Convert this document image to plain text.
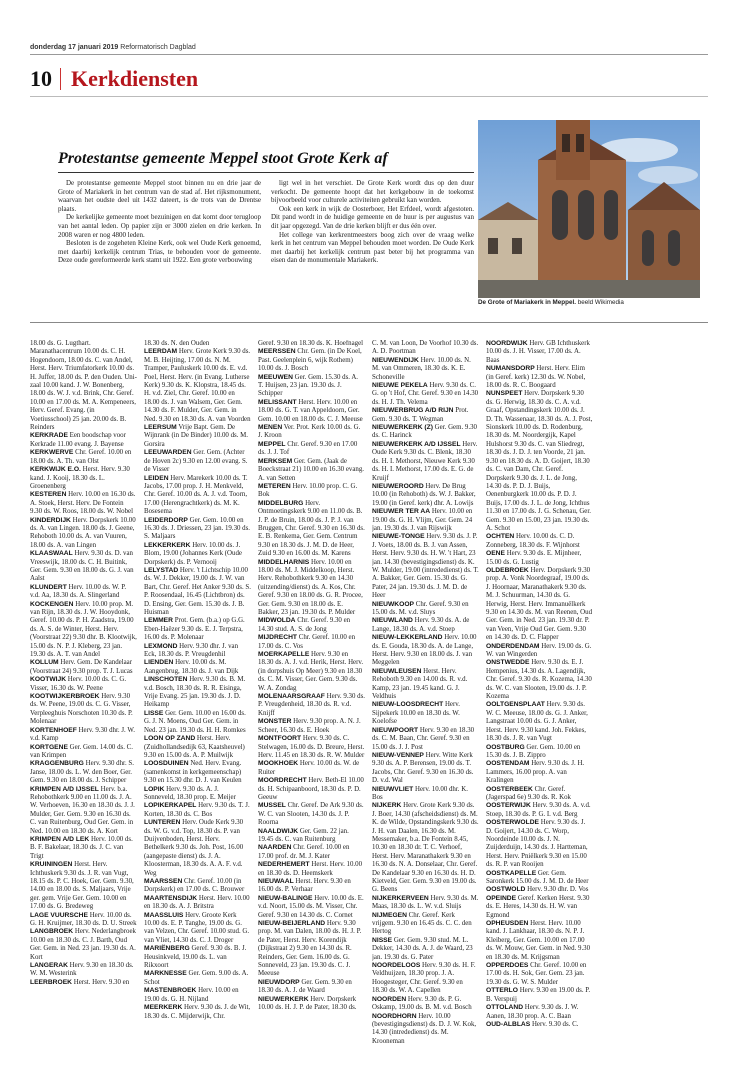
donderdag 17 januari 2019 Reformatorisch Dagblad
10 Kerkdiensten
Protestantse gemeente Meppel stoot Grote Kerk af

De protestantse gemeente Meppel stoot binnen nu en drie jaar de Grote of Mariakerk in het centrum van de stad af. Het rijksmonument, waarvan het oudste deel uit 1432 dateert, is de trots van de Drentse plaats.

De kerkelijke gemeente moet bezuinigen en dat komt door terugloop van het aantal leden. Op papier zijn er 3000 zielen en drie kerken. In 2008 waren er nog 4800 leden.

Besloten is de zogeheten Kleine Kerk, ook wel Oude Kerk genoemd, met daarbij kerkelijk centrum Trias, te behouden voor de gemeente. Deze oude gereformeerde kerk stamt uit 1922. Een grote verbouwing

ligt wel in het verschiet. De Grote Kerk wordt dus op den duur verkocht. De gemeente hoopt dat het kerkgebouw in de toekomst bijvoorbeeld voor culturele activiteiten gebruikt kan worden.

Ook een kerk in wijk de Oosterboer, Het Erfdeel, wordt afgestoten. Dit pand wordt in de huidige gemeente en de huur is per augustus van dit jaar opgezegd. Van de drie kerken blijft er dus één over.

Het college van kerkrentmeesters boog zich over de vraag welke kerk in het centrum van Meppel behouden moet worden. De Oude Kerk met daarbij het kerkelijk centrum past beter bij het programma van eisen dan de monumentale Mariakerk.

De Grote of Mariakerk in Meppel. beeld Wikimedia

18.00 ds. G. Lugthart. Maranathacentrum 10.00 ds. C. H. Hogendoorn, 18.00 ds. C. van Andel, Herst. Herv. Triumfatorkerk 10.00 ds. H. Juffer, 18.00 ds. P. den Ouden. Uni-zaal 10.00 kand. J. W. Bonenberg, 18.00 ds. W. J. v.d. Brink, Chr. Geref. 10.00 en 17.00 ds. M. A. Kempeneers, Herv. Geref. Evang. (in Voetiusschool) 25 jan. 20.00 ds. B. Reinders

KERKRADE Een boodschap voor Kerkrade 11.00 evang. J. Bayense

KERKWERVE Chr. Geref. 10.00 en 18.00 ds. A. Th. van Olst

KERKWIJK E.O. Herst. Herv. 9.30 kand. J. Kooij, 18.30 ds. L. Groenenberg

KESTEREN Herv. 10.00 en 16.30 ds. A. Stoek, Herst. Herv. De Fontein 9.30 ds. W. Roos, 18.00 ds. W. Nobel

KINDERDIJK Herv. Dorpskerk 10.00 ds. A. van Lingen. 18.00 ds. J. Geene, Rehoboth 10.00 ds. A. van Vuuren, 18.00 ds. A. van Lingen

KLAASWAAL Herv. 9.30 ds. D. van Vreeswijk, 18.00 ds. C. H. Buitink, Ger. Gem. 9.30 en 18.00 ds. G. J. van Aalst

KLUNDERT Herv. 10.00 ds. W. P. v.d. Aa, 18.30 ds. A. Slingerland

KOCKENGEN Herv. 10.00 prop. M. van Rijn, 18.30 ds. J. W. Hooydonk, Geref. 10.00 ds. P. H. Zaadstra, 19.00 ds. A. S. de Winter, Herst. Herv. (Voorstraat 22) 9.30 dhr. B. Klootwijk, 15.00 ds. N. P. J. Kleberg, 23 jan. 19.30 ds. A. T. van Andel

KOLLUM Herv. Gem. De Kandelaar (Voorstraat 24) 9.30 prop. T. J. Lucas

KOOTWIJK Herv. 10.00 ds. C. G. Visser, 16.30 ds. W. Peene

KOOTWIJKERBROEK Herv. 9.30 ds. W. Peene, 19.00 ds. C. G. Visser, Verpleeghuis Norschoten 10.30 ds. P. Molenaar

KORTENHOEF Herv. 9.30 dhr. J. W. v.d. Kamp

KORTGENE Ger. Gem. 14.00 ds. C. van Krimpen

KRAGGENBURG Herv. 9.30 dhr. S. Janse, 18.00 ds. L. W. den Boer, Ger. Gem. 9.30 en 18.00 ds. J. Schipper

KRIMPEN A/D IJSSEL Herv. b.a. Rehobothkerk 9.00 en 11.00 ds. J. A. W. Verhoeven, 16.30 en 18.30 ds. J. J. Mulder, Ger. Gem. 9.30 en 16.30 ds. C. van Ruitenburg, Oud Ger. Gem. in Ned. 10.00 en 18.30 ds. A. Kort

KRIMPEN A/D LEK Herv. 10.00 ds. B. F. Bakelaar, 18.30 ds. J. C. van Trigt

KRUININGEN Herst. Herv. Ichthuskerk 9.30 ds. J. R. van Vugt, 18.15 ds. P. C. Hoek, Ger. Gem. 9.30, 14.00 en 18.00 ds. S. Maljaars, Vrije ger. gem. Vrije Ger. Gem. 10.00 en 17.00 ds. G. Bredeweg

LAGE VUURSCHE Herv. 10.00 ds. G. H. Kruijmer, 18.30 ds. D. U. Streek

LANGBROEK Herv. Nederlangbroek 10.00 en 18.30 ds. C. J. Barth, Oud Ger. Gem. in Ned. 23 jan. 19.30 ds. A. Kort

LANGERAK Herv. 9.30 en 18.30 ds. W. M. Westerink

LEERBROEK Herst. Herv. 9.30 en

18.30 ds. N. den Ouden

LEERDAM Herv. Grote Kerk 9.30 ds. M. B. Heijting, 17.00 ds. N. M. Tramper, Pauluskerk 10.00 ds. E. v.d. Poel, Herst. Herv. (in Evang. Lutherse Kerk) 9.30 ds. K. Klopstra, 18.45 ds. H. v.d. Ziel, Chr. Geref. 10.00 en 18.00 ds. J. van Walsem, Ger. Gem. 14.30 ds. F. Mulder, Ger. Gem. in Ned. 9.30 en 18.30 ds. A. van Voorden

LEERSUM Vrije Bapt. Gem. De Wijnrank (in De Binder) 10.00 ds. M. Gorsira

LEEUWARDEN Ger. Gem. (Achter de Hoven 2c) 9.30 en 12.00 evang. S. de Visser

LEIDEN Herv. Marekerk 10.00 ds. T. Jacobs, 17.00 prop. J. H. Menkveld, Chr. Geref. 10.00 ds. A. J. v.d. Toorn, 17.00 (Herengrachtkerk) ds. M. K. Bosesema

LEIDERDORP Ger. Gem. 10.00 en 16.30 ds. J. Driessen, 23 jan. 19.30 ds. S. Maljaars

LEKKERKERK Herv. 10.00 ds. J. Blom, 19.00 (Johannes Kerk (Oude Dorpskerk) ds. P. Vernooij

LELYSTAD Herv. 't Lichtschip 10.00 ds. W. J. Dekker, 19.00 ds. J. W. van Bart, Chr. Geref. Het Anker 9.30 ds. S. P. Roosendaal, 16.45 (Lichtbron) ds. D. Ensing, Ger. Gem. 15.30 ds. J. B. Huisman

LEMMER Prot. Gem. (b.a.) op G.G. Eben-Haëzer 9.30 ds. E. J. Terpstra, 16.00 ds. P. Molenaar

LEXMOND Herv. 9.30 dhr. J. van Eck, 18.30 ds. P. Vreugdenhil

LIENDEN Herv. 10.00 ds. M. Aangenbrug, 18.30 ds. J. van Dijk

LINSCHOTEN Herv. 9.30 ds. B. M. v.d. Bosch, 18.30 ds. R. R. Eisinga, Vrije Evang. 25 jan. 19.30 ds. J. D. Heikamp

LISSE Ger. Gem. 10.00 en 16.00 ds. G. J. N. Moens, Oud Ger. Gem. in Ned. 23 jan. 19.30 ds. H. H. Romkes

LOON OP ZAND Herst. Herv. (Zuidhollandsedijk 63, Kaatsheuvel) 9.30 en 15.00 ds. A. P. Muilwijk

LOOSDUINEN Ned. Herv. Evang. (samenkomst in kerkgemeenschap) 9.30 en 15.30 dhr. D. J. van Keulen

LOPIK Herv. 9.30 ds. A. J. Sonneveld, 18.30 prop. E. Meijer

LOPIKERKAPEL Herv. 9.30 ds. T. J. Korten, 18.30 ds. C. Bos

LUNTEREN Herv. Oude Kerk 9.30 ds. W. G. v.d. Top, 18.30 ds. P. van Duijvenboden, Herst. Herv. Bethelkerk 9.30 ds. Joh. Post, 16.00 (aangepaste dienst) ds. J. A. Kloosterman, 18.30 ds. A. A. F. v.d. Weg

MAARSSEN Chr. Geref. 10.00 (in Dorpskerk) en 17.00 ds. C. Brouwer

MAARTENSDIJK Herst. Herv. 10.00 en 18.30 ds. A. J. Britstra

MAASSLUIS Herv. Groote Kerk 10.00 ds. E. P. Tanghe, 19.00 ds. G. van Velzen, Chr. Geref. 10.00 stud. G. van Vliet, 14.30 ds. C. J. Droger

MARIËNBERG Geref. 9.30 ds. B. J. Heusinkveld, 19.00 ds. L. van Rikxoort

MARKNESSE Ger. Gem. 9.00 ds. A. Schot

MASTENBROEK Herv. 10.00 en 19.00 ds. G. H. Nijland

MEERKERK Herv. 9.30 ds. J. de Wit, 18.30 ds. C. Mijderwijk, Chr.

Geref. 9.30 en 18.30 ds. K. Hoefnagel

MEERSSEN Chr. Gem. (in De Koel, Past. Geelenplein 6, wijk Rothem) 10.00 ds. J. Bosch

MEEUWEN Ger. Gem. 15.30 ds. A. T. Huijsen, 23 jan. 19.30 ds. J. Schipper

MELISSANT Herst. Herv. 10.00 en 18.00 ds. G. T. van Appeldoorn, Ger. Gem. 10.00 en 18.00 ds. C. J. Meeuse

MENEN Ver. Prot. Kerk 10.00 ds. G. J. Kroon

MEPPEL Chr. Geref. 9.30 en 17.00 ds. J. J. Tof

MERKSEM Ger. Gem. (Jaak de Boeckstraat 21) 10.00 en 16.30 evang. A. van Setten

METEREN Herv. 10.00 prop. C. G. Bok

MIDDELBURG Herv. Ontmoetingskerk 9.00 en 11.00 ds. B. J. P. de Bruin, 18.00 ds. J. P. J. van Bruggen, Chr. Geref. 9.30 en 16.30 ds. E. B. Renkema, Ger. Gem. Centrum 9.30 en 18.30 ds. J. M. D. de Heer, Zuid 9.30 en 16.00 ds. M. Karens

MIDDELHARNIS Herv. 10.00 en 18.00 ds. M. J. Middelkoop, Herst. Herv. Rehobothkerk 9.30 en 14.30 (uitzending/dienst) ds. A. Kos, Chr. Geref. 9.30 en 18.00 ds. G. R. Procee, Ger. Gem. 9.30 en 18.00 ds. E. Bakker, 23 jan. 19.30 ds. P. Mulder

MIDWOLDA Chr. Geref. 9.30 en 14.30 stud. A. S. de Jong

MIJDRECHT Chr. Geref. 10.00 en 17.00 ds. C. Vos

MOERKAPELLE Herv. 9.30 en 18.30 ds. A. J. v.d. Herik, Herst. Herv. (in dorpshuis Op Meer) 9.30 en 18.30 ds. C. M. Visser, Ger. Gem. 9.30 ds. W. A. Zondag

MOLENAARSGRAAF Herv. 9.30 ds. P. Vreugdenheid, 18.30 ds. R. v.d. Knijff

MONSTER Herv. 9.30 prop. A. N. J. Scheer, 16.30 ds. E. Hoek

MONTFOORT Herv. 9.30 ds. C. Stelwagen, 16.00 ds. D. Breure, Herst. Herv. 11.45 en 18.30 ds. R. W. Mulder

MOOKHOEK Herv. 10.00 ds. W. de Ruiter

MOORDRECHT Herv. Beth-El 10.00 ds. H. Schipaanboord, 18.30 ds. P. D. Geeuw

MUSSEL Chr. Geref. De Ark 9.30 ds. W. C. van Slooten, 14.30 ds. J. P. Roorna

NAALDWIJK Ger. Gem. 22 jan. 19.45 ds. C. van Ruitenburg

NAARDEN Chr. Geref. 10.00 en 17.00 prof. dr. M. J. Kater

NEDERHEMERT Herst. Herv. 10.00 en 18.30 ds. D. Heemskerk

NIEUWAAL Herst. Herv. 9.30 en 16.00 ds. P. Verhaar

NIEUW-BALINGE Herv. 10.00 ds. E. v.d. Noort, 15.00 ds. M. Visser, Chr. Geref. 9.30 en 14.30 ds. C. Cornet

NIEUW-BEIJERLAND Herv. 9.30 prop. M. van Dalen, 18.00 ds. H. J. P. de Pater, Herst. Herv. Korendijk (Dijkstraat 2) 9.30 en 14.30 ds. R. Reinders, Ger. Gem. 16.00 ds. G. Sonneveld, 23 jan. 19.30 ds. C. J. Meeuse

NIEUWDORP Ger. Gem. 9.30 en 18.30 ds. A. J. de Waard

NIEUWERKERK Herv. Dorpskerk 10.00 ds. H. J. P. de Pater, 18.30 ds.

C. M. van Loon, De Voorhof 10.30 ds. A. D. Poortman

NIEUWENDIJK Herv. 10.00 ds. N. M. van Ommeren, 18.30 ds. K. E. Schoneville

NIEUWE PEKELA Herv. 9.30 ds. C. G. op 't Hof, Chr. Geref. 9.30 en 14.30 ds. H. J. Th. Velema

NIEUWERBRUG A/D RIJN Prot. Gem. 9.30 ds. T. Wegman

NIEUWERKERK (Z) Ger. Gem. 9.30 ds. C. Harinck

NIEUWERKERK A/D IJSSEL Herv. Oude Kerk 9.30 ds. C. Blenk, 18.30 ds. H. I. Methorst, Nieuwe Kerk 9.30 ds. H. I. Methorst, 17.00 ds. E. G. de Kruijf

NIEUWEROORD Herv. De Brug 10.00 (in Rehoboth) ds. W. J. Bakker, 19.00 (in Geref. kerk) dhr. A. Lowijs

NIEUWER TER AA Herv. 10.00 en 19.00 ds. G. H. Vlijm, Ger. Gem. 24 jan. 19.30 ds. J. van Rijswijk

NIEUWE-TONGE Herv. 9.30 ds. J. P. J. Voets, 18.00 ds. B. J. van Assen, Herst. Herv. 9.30 ds. H. W. 't Hart, 23 jan. 14.30 (bevestigingsdienst) ds. K. W. Mulder, 19.00 (intrededienst) ds. T. A. Bakker, Ger. Gem. 15.30 ds. G. Pater, 24 jan. 19.30 ds. J. M. D. de Heer

NIEUWKOOP Chr. Geref. 9.30 en 15.00 ds. M. v.d. Sluys

NIEUWLAND Herv. 9.30 ds. A. de Lange, 18.30 ds. A. v.d. Stoep

NIEUW-LEKKERLAND Herv. 10.00 ds. E. Gouda, 18.30 ds. A. de Lange, Herst. Herv. 9.30 en 18.00 ds. J. van Meggelen

NIEUWLEUSEN Herst. Herv. Rehoboth 9.30 en 14.00 ds. R. v.d. Kamp, 23 jan. 19.45 kand. G. J. Veldhuis

NIEUW-LOOSDRECHT Herv. Sijpekerk 10.00 en 18.30 ds. W. Koelofse

NIEUWPOORT Herv. 9.30 en 18.30 ds. C. M. Baan, Chr. Geref. 9.30 en 15.00 ds. J. J. Post

NIEUW-VENNEP Herv. Witte Kerk 9.30 ds. A. P. Berensen, 19.00 ds. T. Jacobs, Chr. Geref. 9.30 en 16.30 ds. D. v.d. Wal

NIEUWVLIET Herv. 10.00 dhr. K. Bos

NIJKERK Herv. Grote Kerk 9.30 ds. J. Boer, 14.30 (afscheidsdienst) ds. M. K. de Wilde, Opstandingskerk 9.30 ds. J. H. van Daalen, 16.30 ds. M. Messemaker, b.a. De Fontein 8.45, 10.30 en 18.30 dr. T. C. Verhoef, Herst. Herv. Maranathakerk 9.30 en 16.30 ds. N. A. Donselaar, Chr. Geref. De Kandelaar 9.30 en 16.30 ds. H. D. Kietveld, Ger. Gem. 9.30 en 19.00 ds. G. Beens

NIJKERKERVEEN Herv. 9.30 ds. M. Maas, 18.30 ds. L. W. v.d. Sluijs

NIJMEGEN Chr. Geref. Kerk vrijgem. 9.30 en 16.45 ds. C. C. den Hertog

NISSE Ger. Gem. 9.30 stud. M. L. Dekker, 14.30 ds. A. J. de Waard, 23 jan. 19.30 ds. G. Pater

NOORDELOOS Herv. 9.30 ds. H. F. Veldhuijzen, 18.30 prop. J. A. Hoogesteger, Chr. Geref. 9.30 en 18.30 ds. W. A. Capellen

NOORDEN Herv. 9.30 ds. P. G. Oskamp, 19.00 ds. B. M. v.d. Bosch

NOORDHORN Herv. 10.00 (bevestigingsdienst) ds. D. J. W. Kok, 14.30 (intrededienst) ds. M. Krooneman

NOORDWIJK Herv. GB Ichthuskerk 10.00 ds. J. H. Visser, 17.00 ds. A. Baas

NUMANSDORP Herst. Herv. Elim (in Geref. kerk) 12.30 ds. W. Nobel, 18.00 ds. R. C. Boogaard

NUNSPEET Herv. Dorpskerk 9.30 ds. G. Herwig, 18.30 ds. C. A. v.d. Graaf, Opstandingskerk 10.00 ds. J. D. Th. Wassenaar, 18.30 ds. A. J. Post, Sionskerk 10.00 ds. D. Rodenburg, 18.30 ds. M. Noordergijk, Kapel Hulshorst 9.30 ds. C. van Sliedregt, 18.30 ds. J. D. J. ten Voorde, 21 jan. 9.30 en 18.30 ds. A. D. Goijert, 18.30 ds. C. van Dam, Chr. Geref. Dorpskerk 9.30 ds. J. L. de Jong, 14.30 ds. P. D. J. Buijs, Oenenburgkerk 10.00 ds. P. D. J. Buijs, 17.00 ds. J. L. de Jong, Ichthus 11.30 en 17.00 ds. J. G. Schenau, Ger. Gem. 9.30 en 15.00, 23 jan. 19.30 ds. A. Schot

OCHTEN Herv. 10.00 ds. C. D. Zonneberg, 18.30 ds. F. Wijnhorst

OENE Herv. 9.30 ds. E. Mijnheer, 15.00 ds. G. Lustig

OLDEBROEK Herv. Dorpskerk 9.30 prop. A. Vonk Noordegraaf, 19.00 ds. J. Hoornaar, Maranathakerk 9.30 ds. M. J. Schuurman, 14.30 ds. G. Herwig, Herst. Herv. Immanuëlkerk 9.30 en 14.30 ds. M. van Reenen, Oud Ger. Gem. in Ned. 23 jan. 19.30 dr. P. van Veen, Vrije Oud Ger. Gem. 9.30 en 14.30 ds. D. C. Flapper

ONDERDENDAM Herv. 19.00 ds. G. W. van Wingerden

ONSTWEDDE Herv. 9.30 ds. E. J. Hempenius, 14.30 ds. A. Lagendijk, Chr. Geref. 9.30 ds. R. Kozema, 14.30 ds. W. C. van Slooten, 19.00 ds. J. P. Kozema

OOLTGENSPLAAT Herv. 9.30 ds. W. C. Meeuse, 18.00 ds. G. J. Anker, Langstraat 10.00 ds. G. J. Anker, Herst. Herv. 9.30 kand. Joh. Fekkes, 18.30 ds. J. R. van Vugt

OOSTBURG Ger. Gem. 10.00 en 15.30 ds. J. B. Zippro

OOSTENDAM Herv. 9.30 ds. J. H. Lammers, 16.00 prop. A. van Kralingen

OOSTERBEEK Chr. Geref. (Jagerspad 6e) 9.30 ds. R. Kok

OOSTERWIJK Herv. 9.30 ds. A. v.d. Stoep, 18.30 ds. P. G. I. v.d. Berg

OOSTERWOLDE Herv. 9.30 ds. J. D. Goijert, 14.30 ds. C. Worp, Noordeinde 10.00 ds. J. N. Zuijderduijn, 14.30 ds. J. Hartteman, Herst. Herv. Pniëlkerk 9.30 en 15.00 ds. R. P. van Rooijen

OOSTKAPELLE Ger. Gem. Saronkerk 15.00 ds. J. M. D. de Heer

OOSTWOLD Herv. 9.30 dhr. D. Vos

OPEINDE Geref. Kerken Herst. 9.30 ds. E. Heres, 14.30 ds. H. W. van Egmond

OPHEUSDEN Herst. Herv. 10.00 kand. J. Lankhaar, 18.30 ds. N. P. J. Kleiberg, Ger. Gem. 10.00 en 17.00 ds. W. Mouw, Ger. Gem. in Ned. 9.30 en 18.30 ds. M. Krijgsman

OPPERDOES Chr. Geref. 10.00 en 17.00 ds. H. Sok, Ger. Gem. 23 jan. 19.30 ds. G. W. S. Mulder

OTTERLO Herv. 9.30 en 19.00 ds. P. B. Verspuij

OTTOLAND Herv. 9.30 ds. J. W. Aanen, 18.30 prop. A. C. Baan

OUD-ALBLAS Herv. 9.30 ds. C.
